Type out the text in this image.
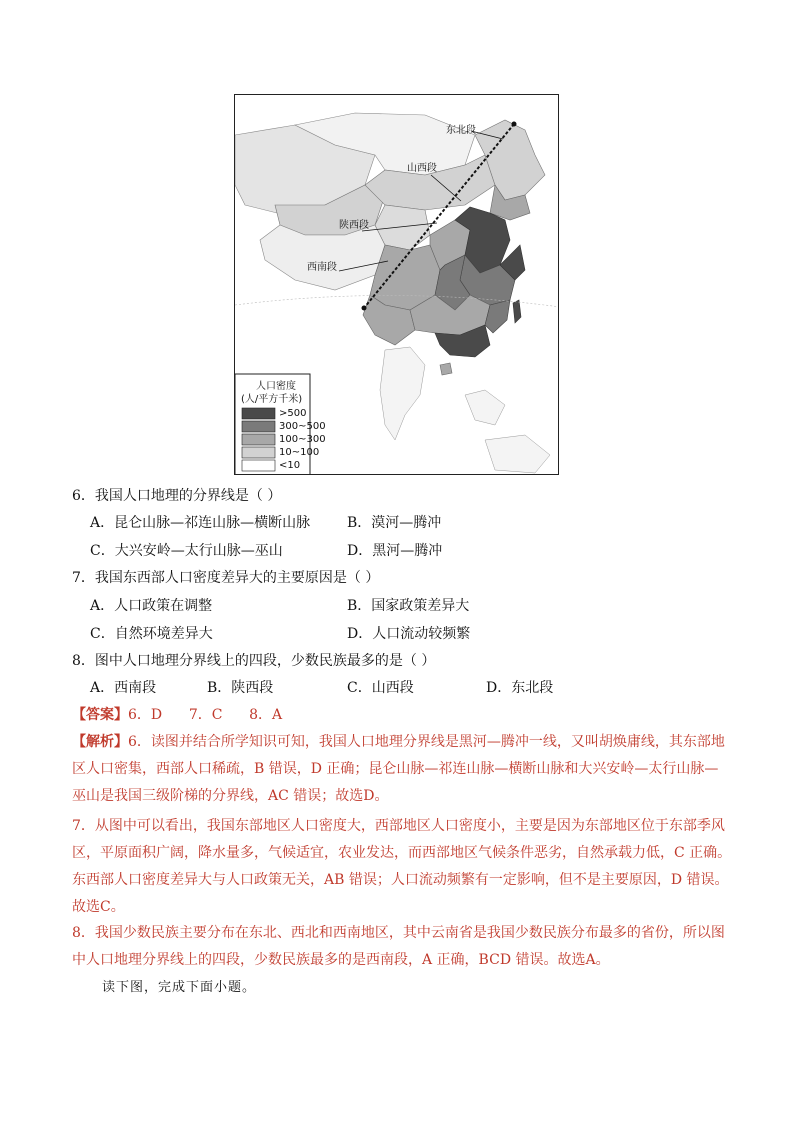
东北段
山西段
陕西段
西南段
人口密度
(人/平方千米)
>500
300~500
100~300
10~100
<10
6．我国人口地理的分界线是（ ）
A．昆仑山脉—祁连山脉—横断山脉	B．漠河—腾冲
C．大兴安岭—太行山脉—巫山	D．黑河—腾冲
7．我国东西部人口密度差异大的主要原因是（ ）
A．人口政策在调整	B．国家政策差异大
C．自然环境差异大	D．人口流动较频繁
8．图中人口地理分界线上的四段，少数民族最多的是（ ）
A．西南段	B．陕西段	C．山西段	D．东北段
【答案】6．D      7．C      8．A
【解析】6．读图并结合所学知识可知，我国人口地理分界线是黑河—腾冲一线，又叫胡焕庸线，其东部地区人口密集，西部人口稀疏，B 错误，D 正确；昆仑山脉—祁连山脉—横断山脉和大兴安岭—太行山脉—巫山是我国三级阶梯的分界线，AC 错误；故选D。
7．从图中可以看出，我国东部地区人口密度大，西部地区人口密度小，主要是因为东部地区位于东部季风区，平原面积广阔，降水量多，气候适宜，农业发达，而西部地区气候条件恶劣，自然承载力低，C 正确。东西部人口密度差异大与人口政策无关，AB 错误；人口流动频繁有一定影响，但不是主要原因，D 错误。故选C。
8．我国少数民族主要分布在东北、西北和西南地区，其中云南省是我国少数民族分布最多的省份，所以图中人口地理分界线上的四段，少数民族最多的是西南段，A 正确，BCD 错误。故选A。
读下图，完成下面小题。
